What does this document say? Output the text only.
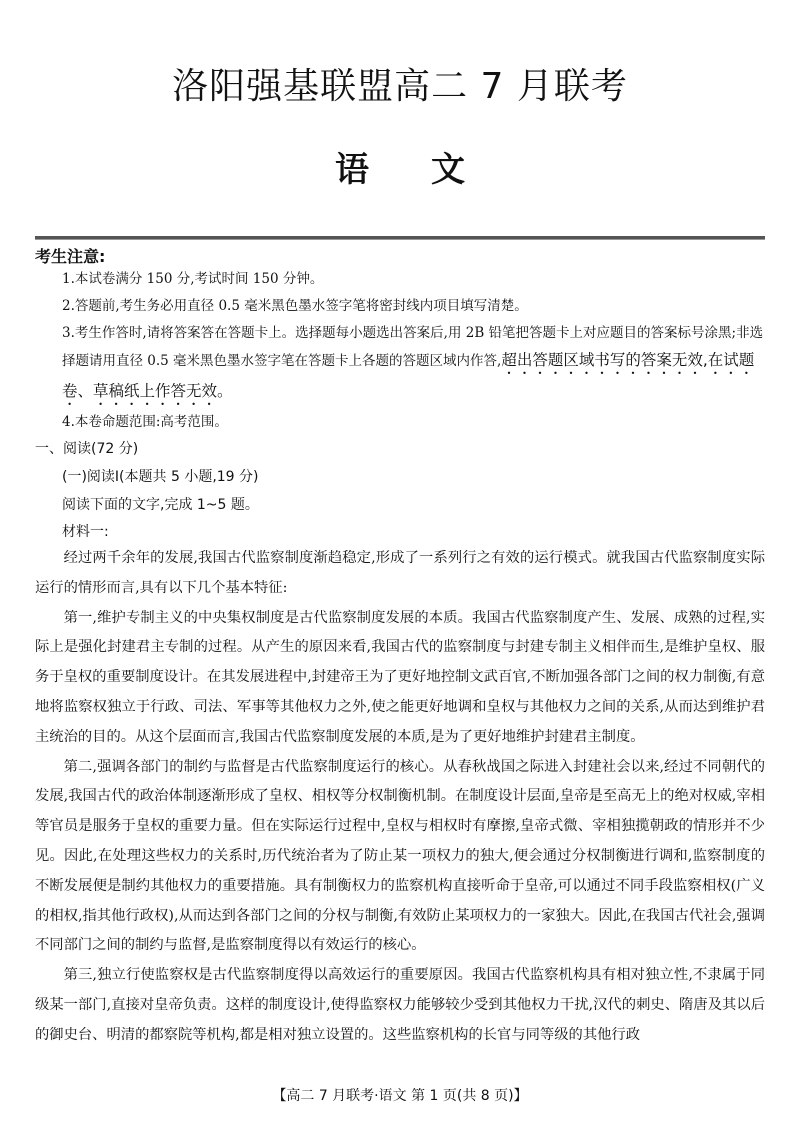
洛阳强基联盟高二 7 月联考
语文
考生注意:
1.本试卷满分 150 分,考试时间 150 分钟。
2.答题前,考生务必用直径 0.5 毫米黑色墨水签字笔将密封线内项目填写清楚。
3.考生作答时,请将答案答在答题卡上。选择题每小题选出答案后,用 2B 铅笔把答题卡上对应题目的答案标号涂黑;非选择题请用直径 0.5 毫米黑色墨水签字笔在答题卡上各题的答题区域内作答,超出答题区域书写的答案无效,在试题卷、草稿纸上作答无效。
4.本卷命题范围:高考范围。
一、阅读(72 分)
(一)阅读Ⅰ(本题共 5 小题,19 分)
阅读下面的文字,完成 1~5 题。
材料一:

经过两千余年的发展,我国古代监察制度渐趋稳定,形成了一系列行之有效的运行模式。就我国古代监察制度实际运行的情形而言,具有以下几个基本特征:

第一,维护专制主义的中央集权制度是古代监察制度发展的本质。我国古代监察制度产生、发展、成熟的过程,实际上是强化封建君主专制的过程。从产生的原因来看,我国古代的监察制度与封建专制主义相伴而生,是维护皇权、服务于皇权的重要制度设计。在其发展进程中,封建帝王为了更好地控制文武百官,不断加强各部门之间的权力制衡,有意地将监察权独立于行政、司法、军事等其他权力之外,使之能更好地调和皇权与其他权力之间的关系,从而达到维护君主统治的目的。从这个层面而言,我国古代监察制度发展的本质,是为了更好地维护封建君主制度。

第二,强调各部门的制约与监督是古代监察制度运行的核心。从春秋战国之际进入封建社会以来,经过不同朝代的发展,我国古代的政治体制逐渐形成了皇权、相权等分权制衡机制。在制度设计层面,皇帝是至高无上的绝对权威,宰相等官员是服务于皇权的重要力量。但在实际运行过程中,皇权与相权时有摩擦,皇帝式微、宰相独揽朝政的情形并不少见。因此,在处理这些权力的关系时,历代统治者为了防止某一项权力的独大,便会通过分权制衡进行调和,监察制度的不断发展便是制约其他权力的重要措施。具有制衡权力的监察机构直接听命于皇帝,可以通过不同手段监察相权(广义的相权,指其他行政权),从而达到各部门之间的分权与制衡,有效防止某项权力的一家独大。因此,在我国古代社会,强调不同部门之间的制约与监督,是监察制度得以有效运行的核心。

第三,独立行使监察权是古代监察制度得以高效运行的重要原因。我国古代监察机构具有相对独立性,不隶属于同级某一部门,直接对皇帝负责。这样的制度设计,使得监察权力能够较少受到其他权力干扰,汉代的刺史、隋唐及其以后的御史台、明清的都察院等机构,都是相对独立设置的。这些监察机构的长官与同等级的其他行政

【高二 7 月联考·语文 第 1 页(共 8 页)】
